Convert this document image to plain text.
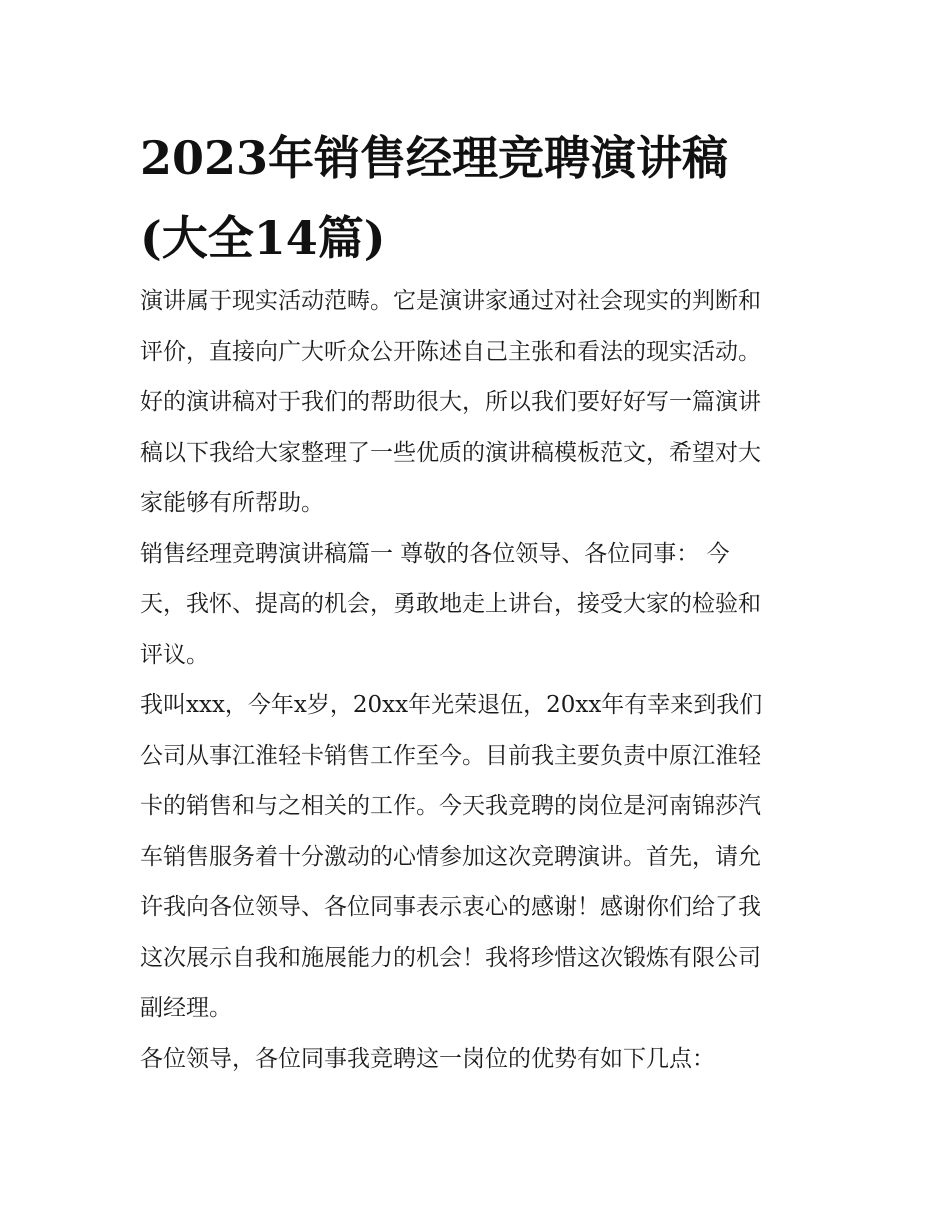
2023年销售经理竞聘演讲稿
(大全14篇)

演讲属于现实活动范畴。它是演讲家通过对社会现实的判断和
评价，直接向广大听众公开陈述自己主张和看法的现实活动。
好的演讲稿对于我们的帮助很大，所以我们要好好写一篇演讲
稿以下我给大家整理了一些优质的演讲稿模板范文，希望对大
家能够有所帮助。

销售经理竞聘演讲稿篇一 尊敬的各位领导、各位同事： 今
天，我怀、提高的机会，勇敢地走上讲台，接受大家的检验和
评议。

我叫xxx，今年x岁，20xx年光荣退伍，20xx年有幸来到我们
公司从事江淮轻卡销售工作至今。目前我主要负责中原江淮轻
卡的销售和与之相关的工作。今天我竞聘的岗位是河南锦莎汽
车销售服务着十分激动的心情参加这次竞聘演讲。首先，请允
许我向各位领导、各位同事表示衷心的感谢！感谢你们给了我
这次展示自我和施展能力的机会！我将珍惜这次锻炼有限公司
副经理。

各位领导，各位同事我竞聘这一岗位的优势有如下几点：
